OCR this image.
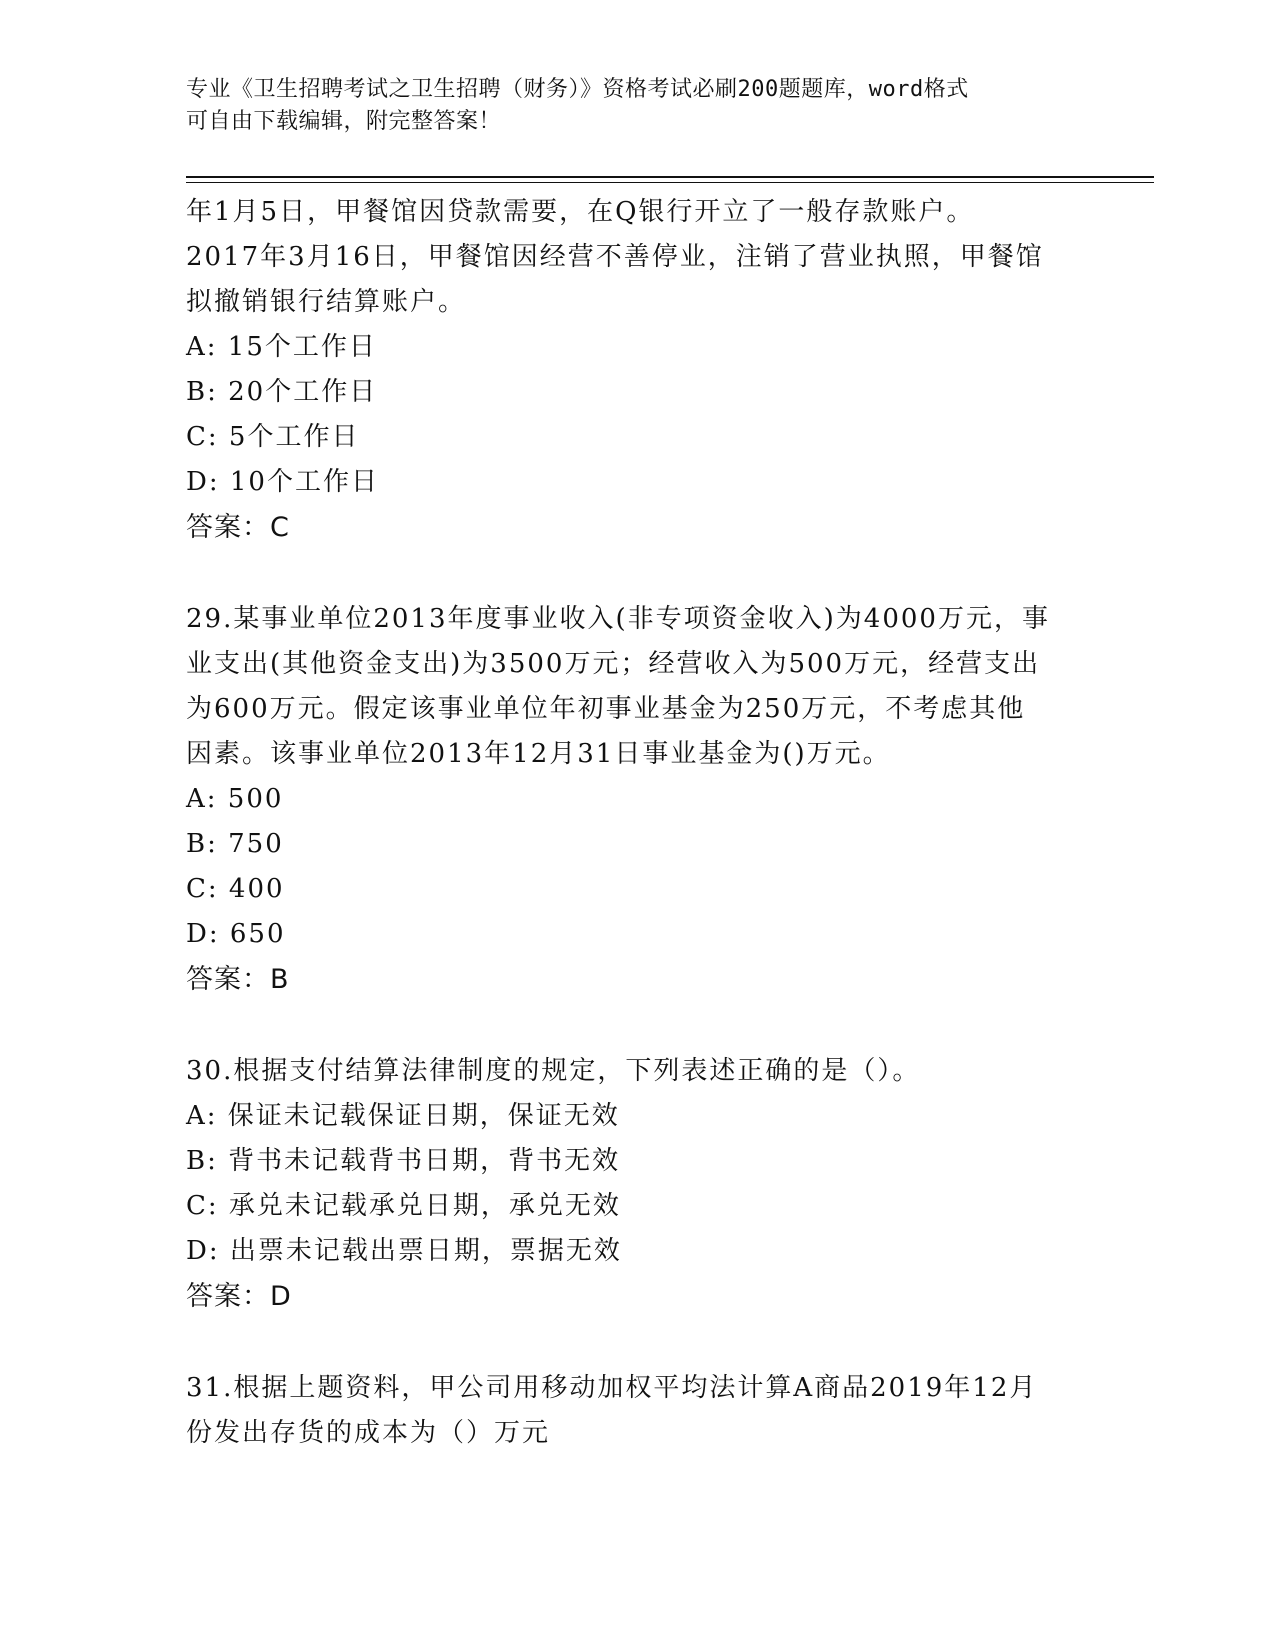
专业《卫生招聘考试之卫生招聘（财务）》资格考试必刷200题题库，word格式
可自由下载编辑，附完整答案！

年1月5日，甲餐馆因贷款需要，在Q银行开立了一般存款账户。

2017年3月16日，甲餐馆因经营不善停业，注销了营业执照，甲餐馆

拟撤销银行结算账户。

A: 15个工作日

B: 20个工作日

C: 5个工作日

D: 10个工作日

答案：C

29.某事业单位2013年度事业收入(非专项资金收入)为4000万元，事

业支出(其他资金支出)为3500万元；经营收入为500万元，经营支出

为600万元。假定该事业单位年初事业基金为250万元，不考虑其他

因素。该事业单位2013年12月31日事业基金为()万元。

A: 500

B: 750

C: 400

D: 650

答案：B

30.根据支付结算法律制度的规定，下列表述正确的是（）。

A: 保证未记载保证日期，保证无效

B: 背书未记载背书日期，背书无效

C: 承兑未记载承兑日期，承兑无效

D: 出票未记载出票日期，票据无效

答案：D

31.根据上题资料，甲公司用移动加权平均法计算A商品2019年12月

份发出存货的成本为（）万元
